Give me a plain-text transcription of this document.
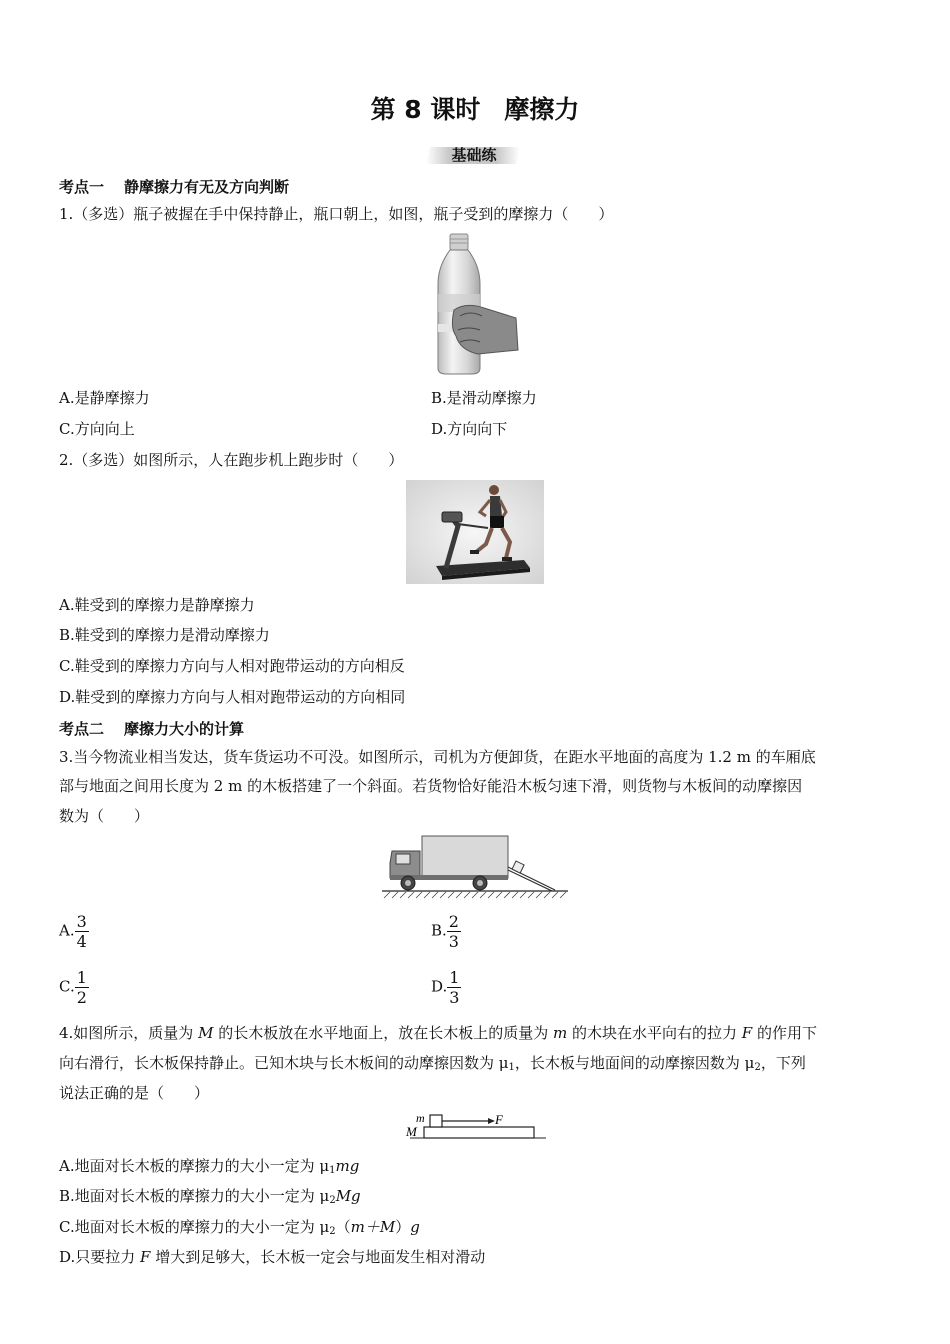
第 8 课时 摩擦力
基础练
考点一 静摩擦力有无及方向判断
1.（多选）瓶子被握在手中保持静止，瓶口朝上，如图，瓶子受到的摩擦力（　　）
A.是静摩擦力	B.是滑动摩擦力
C.方向向上	D.方向向下
2.（多选）如图所示，人在跑步机上跑步时（　　）
A.鞋受到的摩擦力是静摩擦力
B.鞋受到的摩擦力是滑动摩擦力
C.鞋受到的摩擦力方向与人相对跑带运动的方向相反
D.鞋受到的摩擦力方向与人相对跑带运动的方向相同
考点二 摩擦力大小的计算
3.当今物流业相当发达，货车货运功不可没。如图所示，司机为方便卸货，在距水平地面的高度为 1.2 m 的车厢底
部与地面之间用长度为 2 m 的木板搭建了一个斜面。若货物恰好能沿木板匀速下滑，则货物与木板间的动摩擦因
数为（　　）
A. $\frac{3}{4}$	B. $\frac{2}{3}$
C. $\frac{1}{2}$	D. $\frac{1}{3}$
4.如图所示，质量为 M 的长木板放在水平地面上，放在长木板上的质量为 m 的木块在水平向右的拉力 F 的作用下
向右滑行，长木板保持静止。已知木块与长木板间的动摩擦因数为 $\mu_1$，长木板与地面间的动摩擦因数为 $\mu_2$，下列
说法正确的是（　　）
m
M
F
A.地面对长木板的摩擦力的大小一定为 $\mu_1mg$
B.地面对长木板的摩擦力的大小一定为 $\mu_2Mg$
C.地面对长木板的摩擦力的大小一定为 $\mu_2(m+M)g$
D.只要拉力 F 增大到足够大，长木板一定会与地面发生相对滑动
